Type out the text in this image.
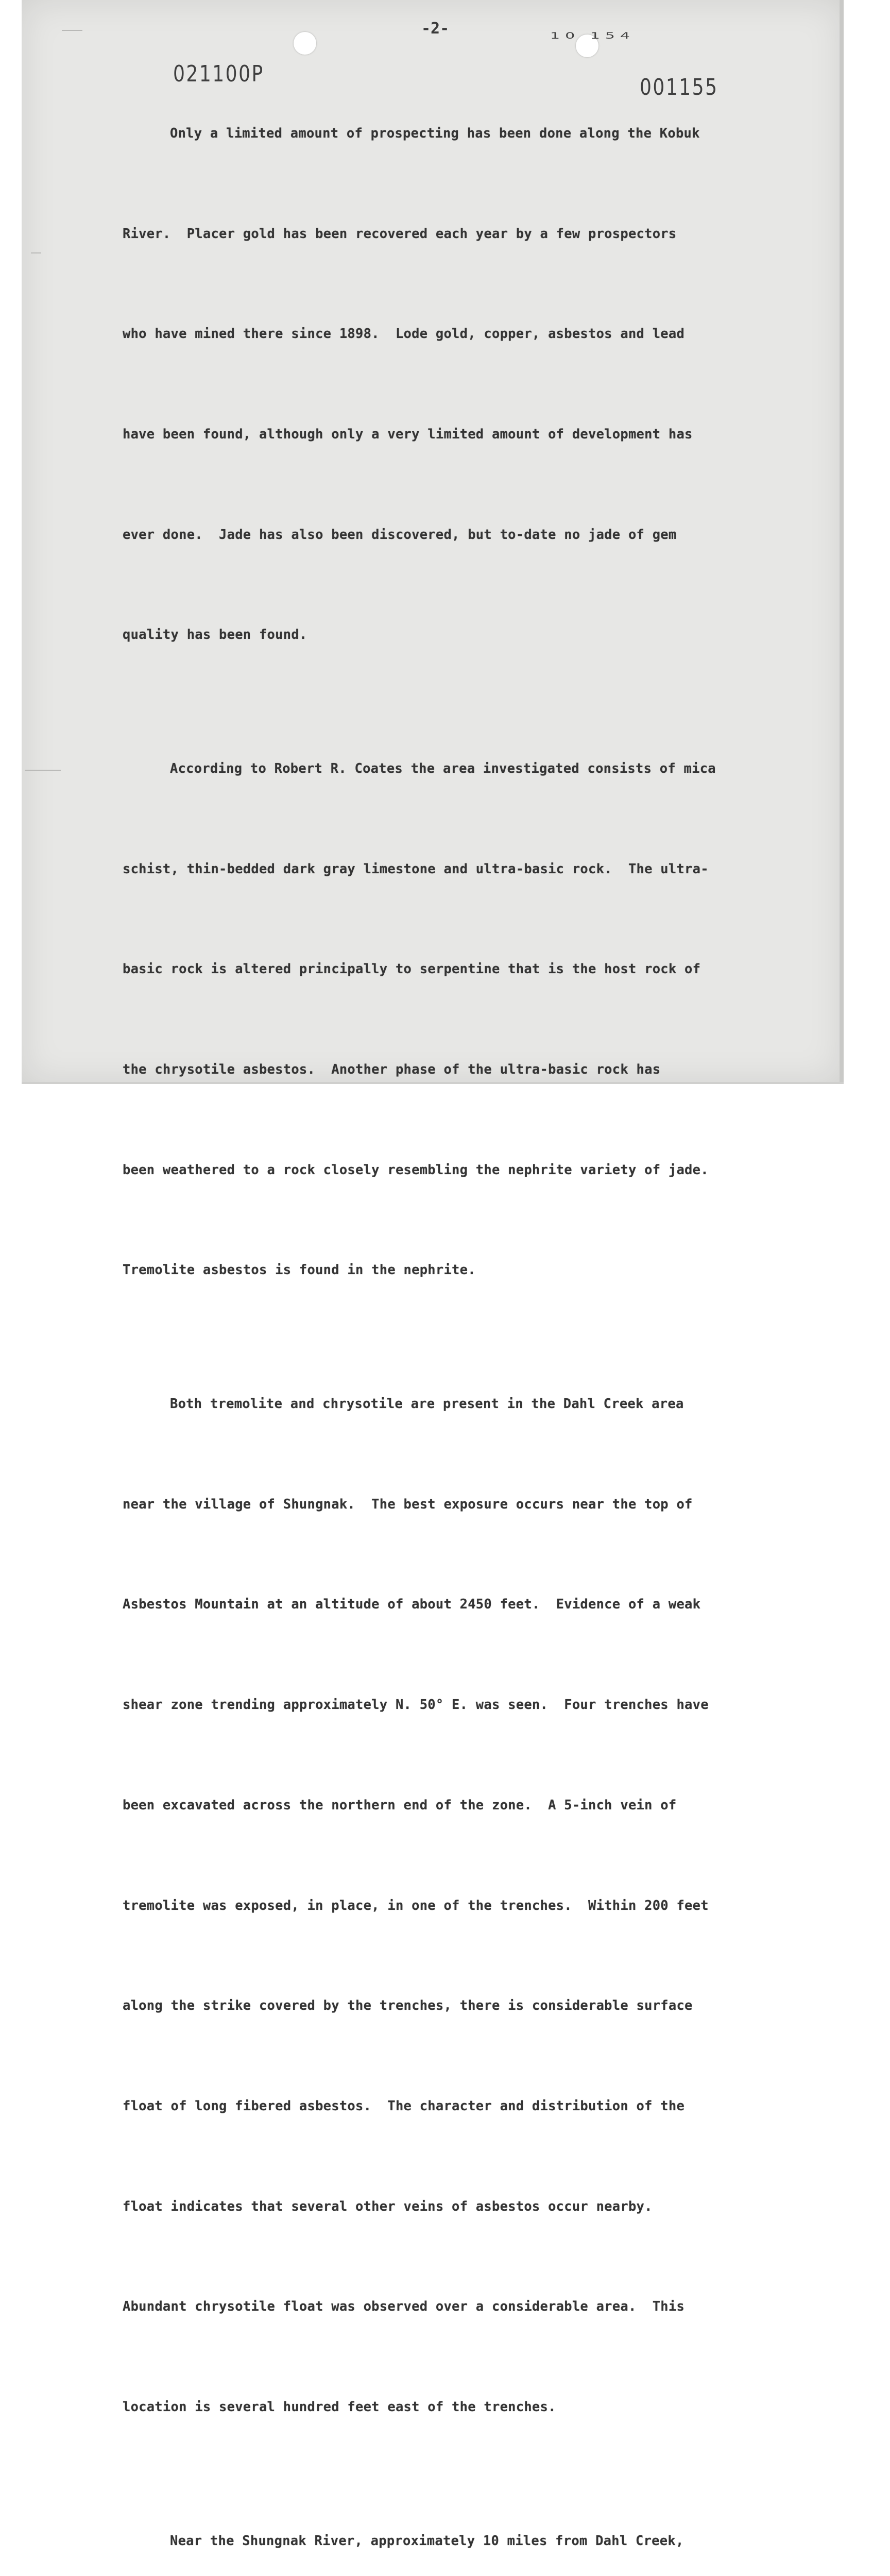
-2-	10 154
021100P
001155

Only a limited amount of prospecting has been done along the Kobuk

River.  Placer gold has been recovered each year by a few prospectors

who have mined there since 1898.  Lode gold, copper, asbestos and lead

have been found, although only a very limited amount of development has

ever done.  Jade has also been discovered, but to-date no jade of gem

quality has been found.

According to Robert R. Coates the area investigated consists of mica

schist, thin-bedded dark gray limestone and ultra-basic rock.  The ultra-

basic rock is altered principally to serpentine that is the host rock of

the chrysotile asbestos.  Another phase of the ultra-basic rock has

been weathered to a rock closely resembling the nephrite variety of jade.

Tremolite asbestos is found in the nephrite.

Both tremolite and chrysotile are present in the Dahl Creek area

near the village of Shungnak.  The best exposure occurs near the top of

Asbestos Mountain at an altitude of about 2450 feet.  Evidence of a weak

shear zone trending approximately N. 50° E. was seen.  Four trenches have

been excavated across the northern end of the zone.  A 5-inch vein of

tremolite was exposed, in place, in one of the trenches.  Within 200 feet

along the strike covered by the trenches, there is considerable surface

float of long fibered asbestos.  The character and distribution of the

float indicates that several other veins of asbestos occur nearby.

Abundant chrysotile float was observed over a considerable area.  This

location is several hundred feet east of the trenches.

Near the Shungnak River, approximately 10 miles from Dahl Creek,
